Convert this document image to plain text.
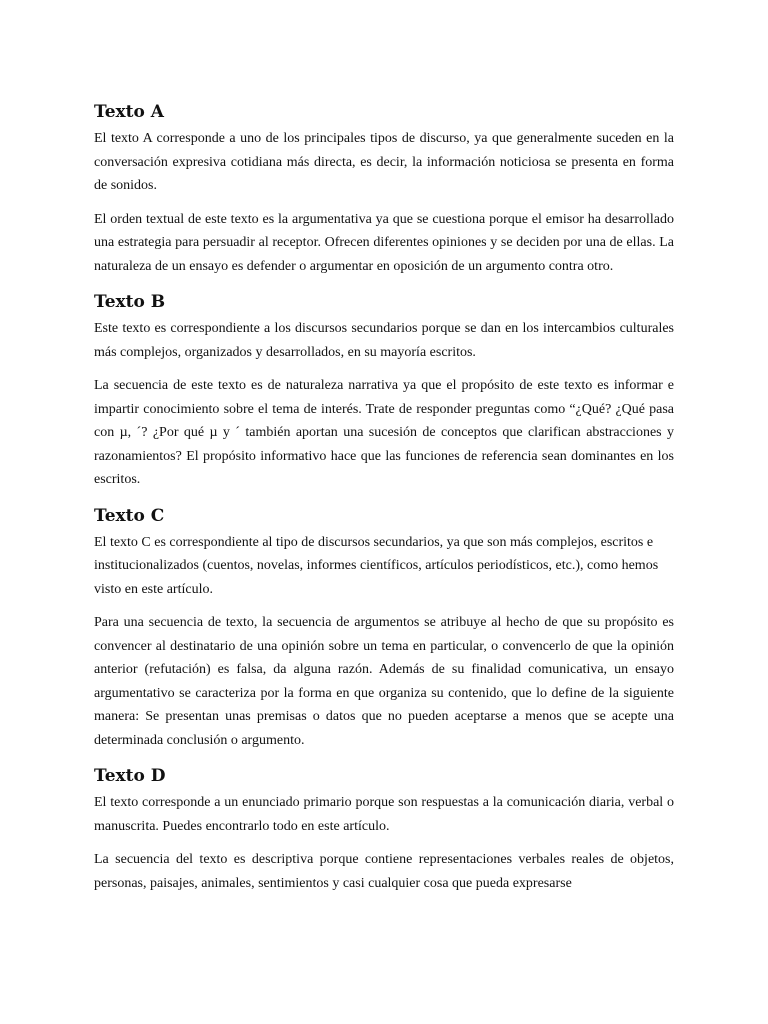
Texto A

El texto A corresponde a uno de los principales tipos de discurso, ya que generalmente suceden en la conversación expresiva cotidiana más directa, es decir, la información noticiosa se presenta en forma de sonidos.

El orden textual de este texto es la argumentativa ya que se cuestiona porque el emisor ha desarrollado una estrategia para persuadir al receptor. Ofrecen diferentes opiniones y se deciden por una de ellas. La naturaleza de un ensayo es defender o argumentar en oposición de un argumento contra otro.

Texto B

Este texto es correspondiente a los discursos secundarios porque se dan en los intercambios culturales más complejos, organizados y desarrollados, en su mayoría escritos.

La secuencia de este texto es de naturaleza narrativa ya que el propósito de este texto es informar e impartir conocimiento sobre el tema de interés. Trate de responder preguntas como “¿Qué? ¿Qué pasa con µ, ´? ¿Por qué µ y ´ también aportan una sucesión de conceptos que clarifican abstracciones y razonamientos? El propósito informativo hace que las funciones de referencia sean dominantes en los escritos.

Texto C

El texto C es correspondiente al tipo de discursos secundarios, ya que son más complejos, escritos e institucionalizados (cuentos, novelas, informes científicos, artículos periodísticos, etc.), como hemos visto en este artículo.

Para una secuencia de texto, la secuencia de argumentos se atribuye al hecho de que su propósito es convencer al destinatario de una opinión sobre un tema en particular, o convencerlo de que la opinión anterior (refutación) es falsa, da alguna razón. Además de su finalidad comunicativa, un ensayo argumentativo se caracteriza por la forma en que organiza su contenido, que lo define de la siguiente manera: Se presentan unas premisas o datos que no pueden aceptarse a menos que se acepte una determinada conclusión o argumento.

Texto D

El texto corresponde a un enunciado primario porque son respuestas a la comunicación diaria, verbal o manuscrita. Puedes encontrarlo todo en este artículo.

La secuencia del texto es descriptiva porque contiene representaciones verbales reales de objetos, personas, paisajes, animales, sentimientos y casi cualquier cosa que pueda expresarse
